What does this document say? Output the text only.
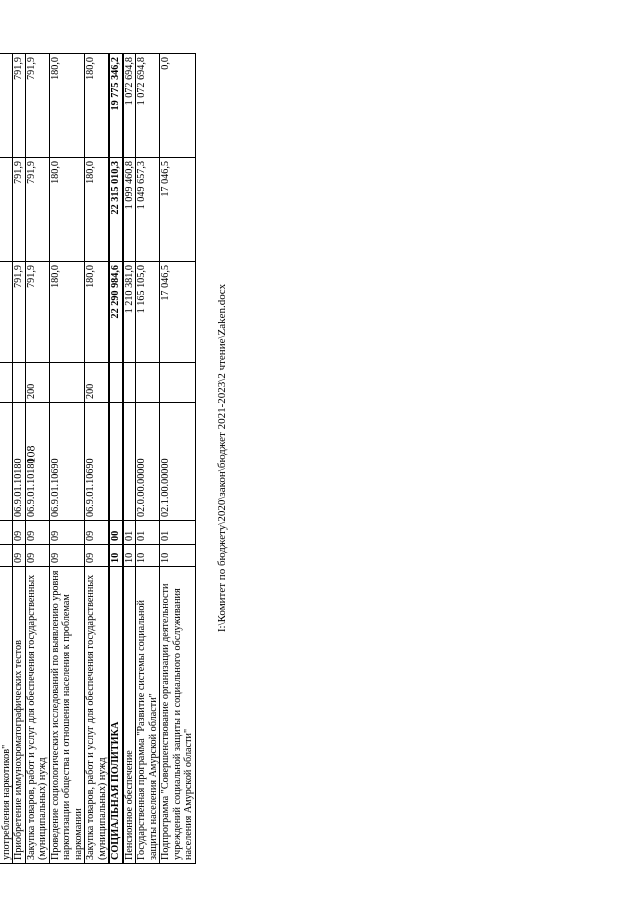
108

употребления наркотиков"							
Приобретение иммунохроматографических тестов	09	09	06.9.01.10180		791,9	791,9	791,9
Закупка товаров, работ и услуг для обеспечения государственных (муниципальных) нужд	09	09	06.9.01.10180	200	791,9	791,9	791,9
Проведение социологических исследований по выявлению уровня наркотизации общества и отношения населения к проблемам наркомании	09	09	06.9.01.10690		180,0	180,0	180,0
Закупка товаров, работ и услуг для обеспечения государственных (муниципальных) нужд	09	09	06.9.01.10690	200	180,0	180,0	180,0
СОЦИАЛЬНАЯ ПОЛИТИКА	10	00			22 290 984,6	22 315 010,3	19 775 346,2
Пенсионное обеспечение	10	01			1 210 381,0	1 099 460,8	1 072 694,8
Государственная программа "Развитие системы социальной защиты населения Амурской области"	10	01	02.0.00.00000		1 165 105,0	1 049 657,3	1 072 694,8
Подпрограмма "Совершенствование организации деятельности учреждений социальной защиты и социального обслуживания населения Амурской области"	10	01	02.1.00.00000		17 046,5	17 046,5	0,0
I:\Комитет по бюджету\2020\закон\бюджет 2021-2023\2 чтение\Zaken.docx
